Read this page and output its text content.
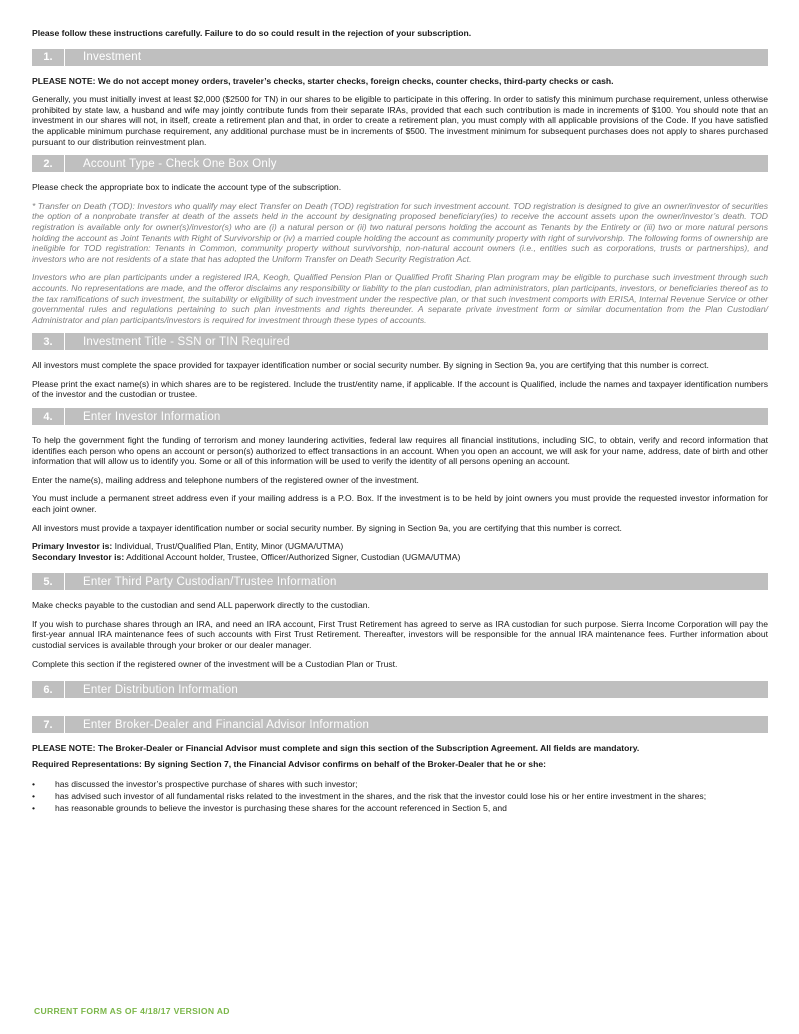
Please follow these instructions carefully. Failure to do so could result in the rejection of your subscription.

1.	Investment

PLEASE NOTE: We do not accept money orders, traveler’s checks, starter checks, foreign checks, counter checks, third-party checks or cash.

Generally, you must initially invest at least $2,000 ($2500 for TN) in our shares to be eligible to participate in this offering. In order to satisfy this minimum purchase requirement, unless otherwise prohibited by state law, a husband and wife may jointly contribute funds from their separate IRAs, provided that each such contribution is made in increments of $100. You should note that an investment in our shares will not, in itself, create a retirement plan and that, in order to create a retirement plan, you must comply with all applicable provisions of the Code. If you have satisfied the applicable minimum purchase requirement, any additional purchase must be in increments of $500. The investment minimum for subsequent purchases does not apply to shares purchased pursuant to our distribution reinvestment plan.

2.	Account Type - Check One Box Only

Please check the appropriate box to indicate the account type of the subscription.

* Transfer on Death (TOD): Investors who qualify may elect Transfer on Death (TOD) registration for such investment account. TOD registration is designed to give an owner/investor of securities the option of a nonprobate transfer at death of the assets held in the account by designating proposed beneficiary(ies) to receive the account assets upon the owner/investor’s death. TOD registration is available only for owner(s)/investor(s) who are (i) a natural person or (ii) two natural persons holding the account as Tenants by the Entirety or (iii) two or more natural persons holding the account as Joint Tenants with Right of Survivorship or (iv) a married couple holding the account as community property with right of survivorship. The following forms of ownership are ineligible for TOD registration: Tenants in Common, community property without survivorship, non-natural account owners (i.e., entities such as corporations, trusts or partnerships), and investors who are not residents of a state that has adopted the Uniform Transfer on Death Security Registration Act.

Investors who are plan participants under a registered IRA, Keogh, Qualified Pension Plan or Qualified Profit Sharing Plan program may be eligible to purchase such investment through such accounts. No representations are made, and the offeror disclaims any responsibility or liability to the plan custodian, plan administrators, plan participants, investors, or beneficiaries thereof as to the tax ramifications of such investment, the suitability or eligibility of such investment under the respective plan, or that such investment comports with ERISA, Internal Revenue Service or other governmental rules and regulations pertaining to such plan investments and rights thereunder. A separate private investment form or similar documentation from the Plan Custodian/ Administrator and plan participants/investors is required for investment through these types of accounts.

3.	Investment Title - SSN or TIN Required

All investors must complete the space provided for taxpayer identification number or social security number. By signing in Section 9a, you are certifying that this number is correct.

Please print the exact name(s) in which shares are to be registered. Include the trust/entity name, if applicable. If the account is Qualified, include the names and taxpayer identification numbers of the investor and the custodian or trustee.

4.	Enter Investor Information

To help the government fight the funding of terrorism and money laundering activities, federal law requires all financial institutions, including SIC, to obtain, verify and record information that identifies each person who opens an account or person(s) authorized to effect transactions in an account. When you open an account, we will ask for your name, address, date of birth and other information that will allow us to identify you. Some or all of this information will be used to verify the identity of all persons opening an account.

Enter the name(s), mailing address and telephone numbers of the registered owner of the investment.

You must include a permanent street address even if your mailing address is a P.O. Box. If the investment is to be held by joint owners you must provide the requested investor information for each joint owner.

All investors must provide a taxpayer identification number or social security number. By signing in Section 9a, you are certifying that this number is correct.

Primary Investor is: Individual, Trust/Qualified Plan, Entity, Minor (UGMA/UTMA)

Secondary Investor is: Additional Account holder, Trustee, Officer/Authorized Signer, Custodian (UGMA/UTMA)

5.	Enter Third Party Custodian/Trustee Information

Make checks payable to the custodian and send ALL paperwork directly to the custodian.

If you wish to purchase shares through an IRA, and need an IRA account, First Trust Retirement has agreed to serve as IRA custodian for such purpose. Sierra Income Corporation will pay the first-year annual IRA maintenance fees of such accounts with First Trust Retirement. Thereafter, investors will be responsible for the annual IRA maintenance fees. Further information about custodial services is available through your broker or our dealer manager.

Complete this section if the registered owner of the investment will be a Custodian Plan or Trust.

6.	Enter Distribution Information
7.	Enter Broker-Dealer and Financial Advisor Information

PLEASE NOTE: The Broker-Dealer or Financial Advisor must complete and sign this section of the Subscription Agreement. All fields are mandatory.

Required Representations: By signing Section 7, the Financial Advisor confirms on behalf of the Broker-Dealer that he or she:

• has discussed the investor’s prospective purchase of shares with such investor;
• has advised such investor of all fundamental risks related to the investment in the shares, and the risk that the investor could lose his or her entire investment in the shares;
• has reasonable grounds to believe the investor is purchasing these shares for the account referenced in Section 5, and
CURRENT FORM AS OF 4/18/17 VERSION AD
